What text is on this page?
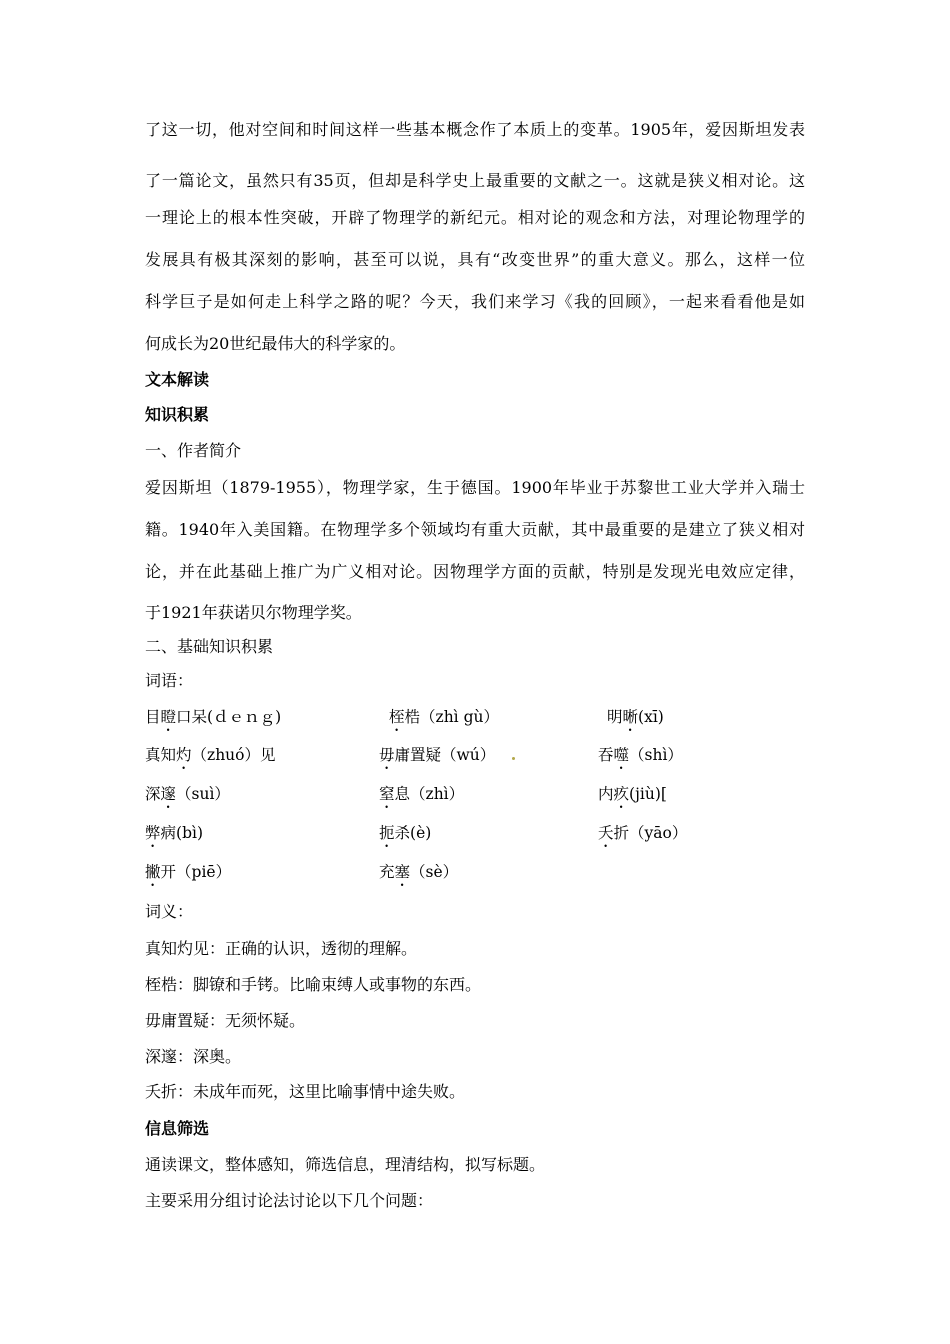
了这一切，他对空间和时间这样一些基本概念作了本质上的变革。1905年，爱因斯坦发表
了一篇论文，虽然只有35页，但却是科学史上最重要的文献之一。这就是狭义相对论。这
一理论上的根本性突破，开辟了物理学的新纪元。相对论的观念和方法，对理论物理学的
发展具有极其深刻的影响，甚至可以说，具有“改变世界”的重大意义。那么，这样一位
科学巨子是如何走上科学之路的呢？今天，我们来学习《我的回顾》，一起来看看他是如
何成长为20世纪最伟大的科学家的。
文本解读
知识积累
一、作者简介
爱因斯坦（1879-1955），物理学家，生于德国。1900年毕业于苏黎世工业大学并入瑞士
籍。1940年入美国籍。在物理学多个领域均有重大贡献，其中最重要的是建立了狭义相对
论，并在此基础上推广为广义相对论。因物理学方面的贡献，特别是发现光电效应定律，
于1921年获诺贝尔物理学奖。
二、基础知识积累
词语：
目瞪口呆(ｄｅｎｇ)	桎梏（zhì gù）	明晰(xī)
真知灼（zhuó）见	毋庸置疑（wú）	吞噬（shì）
深邃（suì）	窒息（zhì）	内疚(jiù)[
弊病(bì)	扼杀(è)	夭折（yāo）
撇开（piē）	充塞（sè）
词义：
真知灼见：正确的认识，透彻的理解。
桎梏：脚镣和手铐。比喻束缚人或事物的东西。
毋庸置疑：无须怀疑。
深邃：深奥。
夭折：未成年而死，这里比喻事情中途失败。
信息筛选
通读课文，整体感知，筛选信息，理清结构，拟写标题。
主要采用分组讨论法讨论以下几个问题：
